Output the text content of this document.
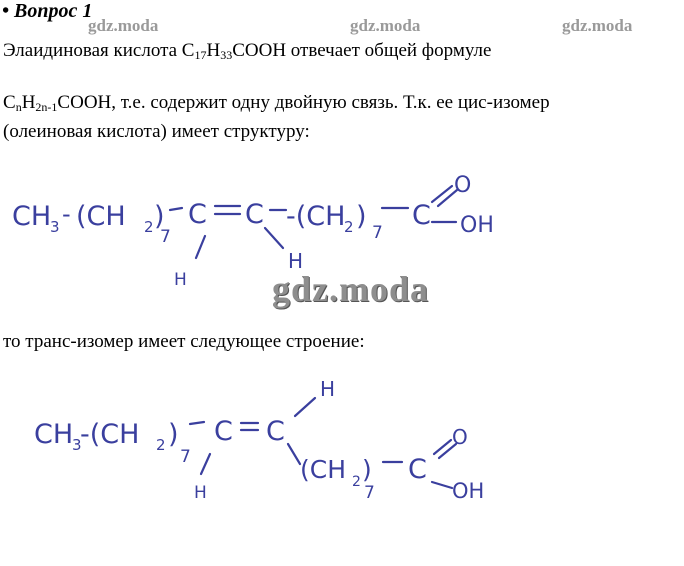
• Вопрос 1
gdz.moda	gdz.moda	gdz.moda
Элаидиновая кислота $C_{17}H_{33}COOH$ отвечает общей формуле
$C_nH_{2n-1}COOH$, т.е. содержит одну двойную связь. Т.к. ее цис-изомер
(олеиновая кислота) имеет структуру:
CH
3 - (CH 2 )
7
C C -(CH
2 )
7
C
O
OH
H
H
gdz.moda
то транс-изомер имеет следующее строение:
CH
3
-(CH 2 )
7
C C
H
H
(CH 2 )
7
C
O
OH
